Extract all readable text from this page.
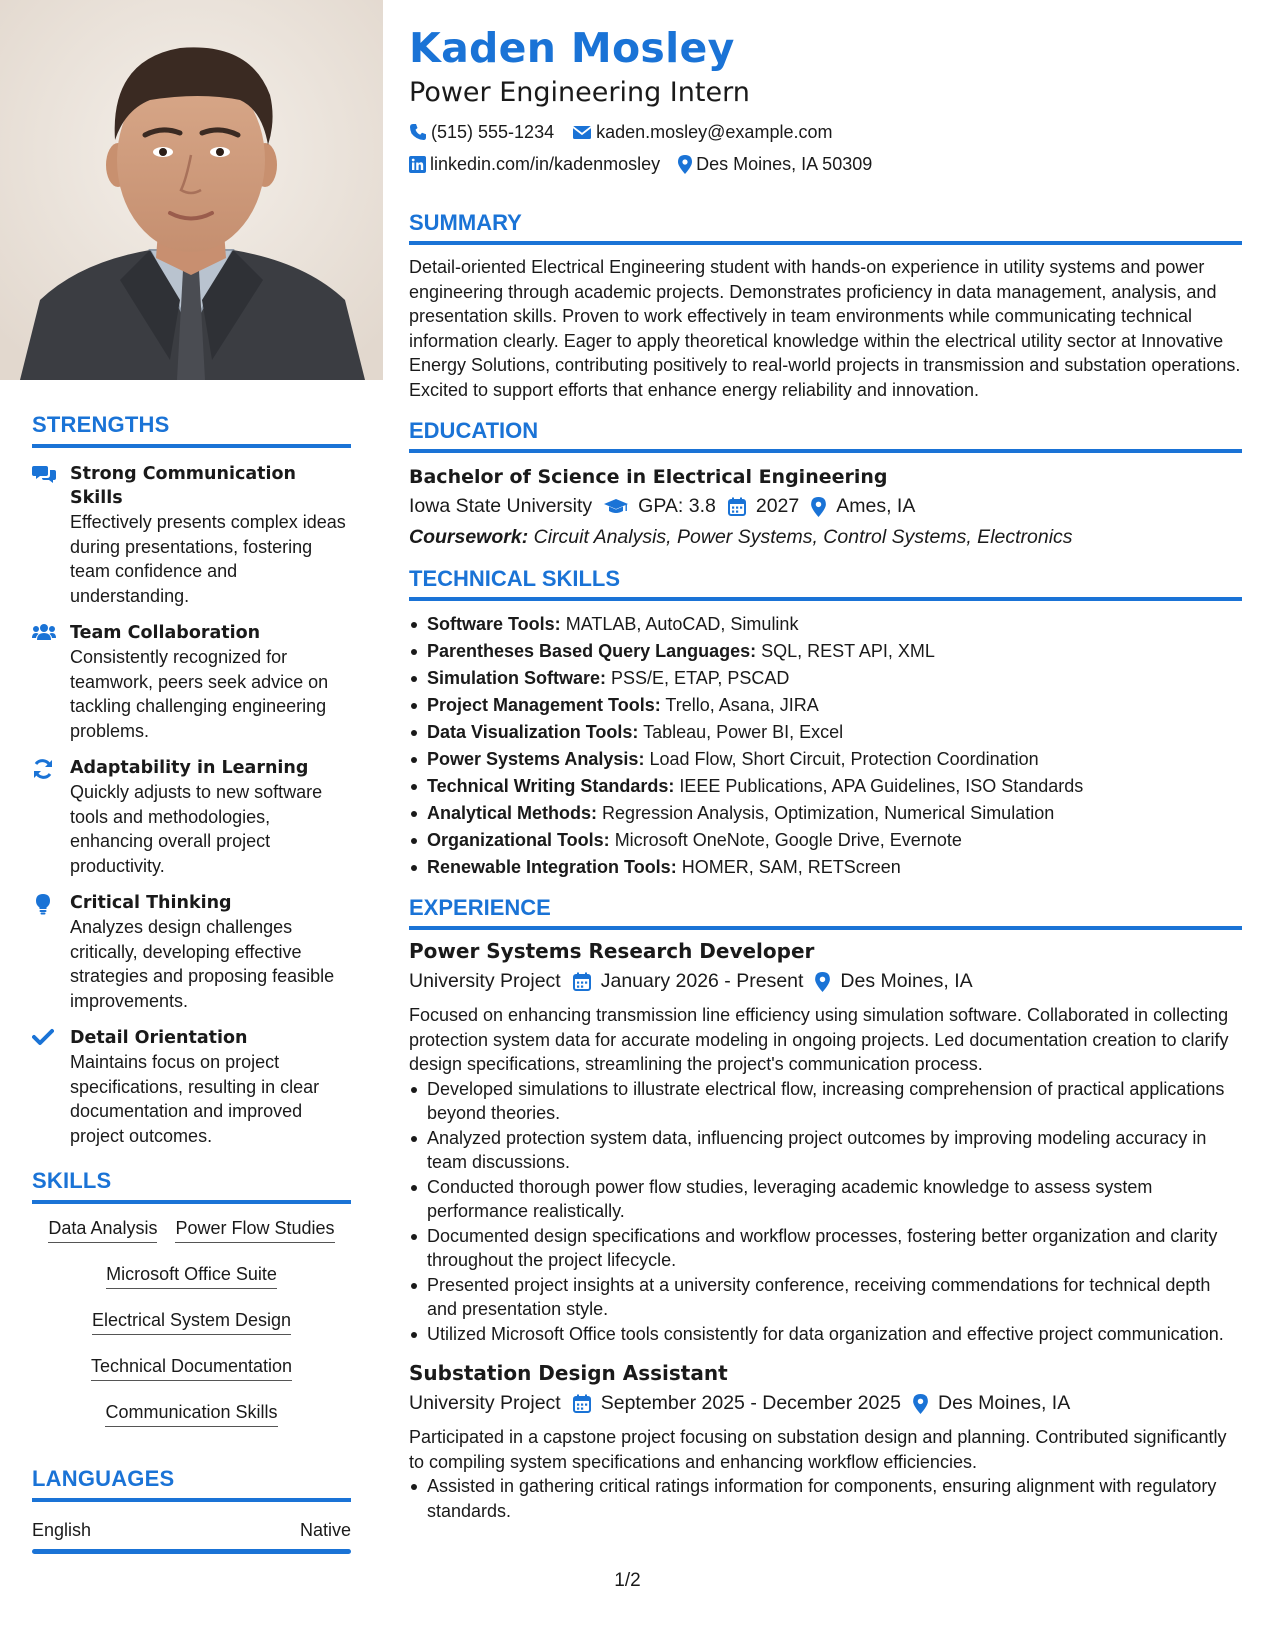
STRENGTHS
Strong Communication Skills
Effectively presents complex ideas during presentations, fostering team confidence and understanding.
Team Collaboration
Consistently recognized for teamwork, peers seek advice on tackling challenging engineering problems.
Adaptability in Learning
Quickly adjusts to new software tools and methodologies, enhancing overall project productivity.
Critical Thinking
Analyzes design challenges critically, developing effective strategies and proposing feasible improvements.
Detail Orientation
Maintains focus on project specifications, resulting in clear documentation and improved project outcomes.
SKILLS
Data Analysis Power Flow Studies
Microsoft Office Suite
Electrical System Design
Technical Documentation
Communication Skills
LANGUAGES
English	Native
Kaden Mosley
Power Engineering Intern
(515) 555-1234 kaden.mosley@example.com
linkedin.com/in/kadenmosley Des Moines, IA 50309
SUMMARY
Detail-oriented Electrical Engineering student with hands-on experience in utility systems and power engineering through academic projects. Demonstrates proficiency in data management, analysis, and presentation skills. Proven to work effectively in team environments while communicating technical information clearly. Eager to apply theoretical knowledge within the electrical utility sector at Innovative Energy Solutions, contributing positively to real-world projects in transmission and substation operations. Excited to support efforts that enhance energy reliability and innovation.
EDUCATION
Bachelor of Science in Electrical Engineering
Iowa State University GPA: 3.8 2027 Ames, IA
Coursework: Circuit Analysis, Power Systems, Control Systems, Electronics
TECHNICAL SKILLS
Software Tools: MATLAB, AutoCAD, Simulink
Parentheses Based Query Languages: SQL, REST API, XML
Simulation Software: PSS/E, ETAP, PSCAD
Project Management Tools: Trello, Asana, JIRA
Data Visualization Tools: Tableau, Power BI, Excel
Power Systems Analysis: Load Flow, Short Circuit, Protection Coordination
Technical Writing Standards: IEEE Publications, APA Guidelines, ISO Standards
Analytical Methods: Regression Analysis, Optimization, Numerical Simulation
Organizational Tools: Microsoft OneNote, Google Drive, Evernote
Renewable Integration Tools: HOMER, SAM, RETScreen
EXPERIENCE
Power Systems Research Developer
University Project January 2026 - Present Des Moines, IA
Focused on enhancing transmission line efficiency using simulation software. Collaborated in collecting protection system data for accurate modeling in ongoing projects. Led documentation creation to clarify design specifications, streamlining the project's communication process.
Developed simulations to illustrate electrical flow, increasing comprehension of practical applications beyond theories.
Analyzed protection system data, influencing project outcomes by improving modeling accuracy in team discussions.
Conducted thorough power flow studies, leveraging academic knowledge to assess system performance realistically.
Documented design specifications and workflow processes, fostering better organization and clarity throughout the project lifecycle.
Presented project insights at a university conference, receiving commendations for technical depth and presentation style.
Utilized Microsoft Office tools consistently for data organization and effective project communication.
Substation Design Assistant
University Project September 2025 - December 2025 Des Moines, IA
Participated in a capstone project focusing on substation design and planning. Contributed significantly to compiling system specifications and enhancing workflow efficiencies.
Assisted in gathering critical ratings information for components, ensuring alignment with regulatory standards.
1/2
